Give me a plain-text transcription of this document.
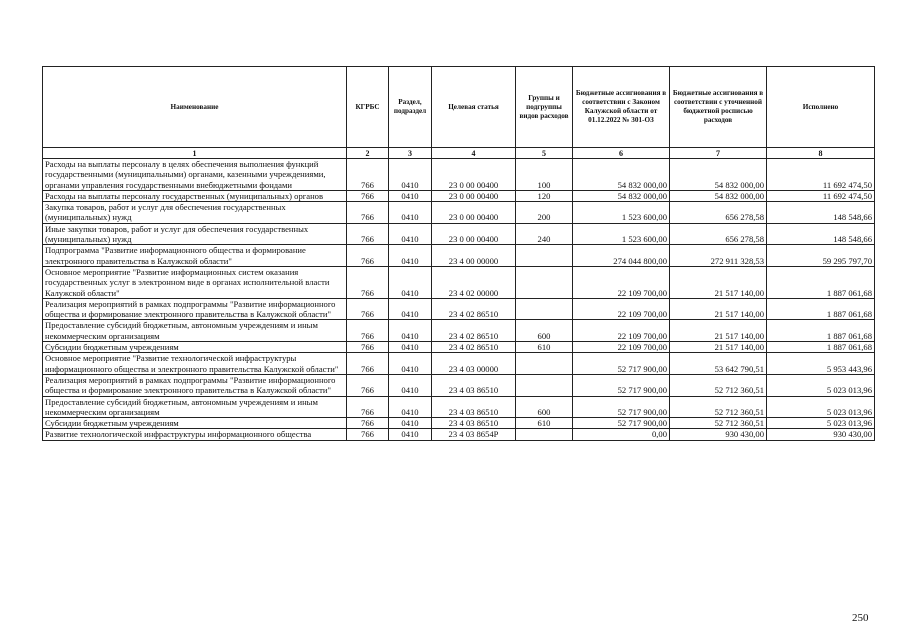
Наименование	КГРБС	Раздел, подраздел	Целевая статья	Группы и подгруппы видов расходов	Бюджетные ассигнования в соответствии с Законом Калужской области от 01.12.2022 № 301-ОЗ	Бюджетные ассигнования в соответствии с уточненной бюджетной росписью расходов	Исполнено
1	2	3	4	5	6	7	8
Расходы на выплаты персоналу в целях обеспечения выполнения функций государственными (муниципальными) органами, казенными учреждениями, органами управления государственными внебюджетными фондами	766	0410	23 0 00 00400	100	54 832 000,00	54 832 000,00	11 692 474,50
Расходы на выплаты персоналу государственных (муниципальных) органов	766	0410	23 0 00 00400	120	54 832 000,00	54 832 000,00	11 692 474,50
Закупка товаров, работ и услуг для обеспечения государственных (муниципальных) нужд	766	0410	23 0 00 00400	200	1 523 600,00	656 278,58	148 548,66
Иные закупки товаров, работ и услуг для обеспечения государственных (муниципальных) нужд	766	0410	23 0 00 00400	240	1 523 600,00	656 278,58	148 548,66
Подпрограмма "Развитие информационного общества и формирование электронного правительства в Калужской области"	766	0410	23 4 00 00000		274 044 800,00	272 911 328,53	59 295 797,70
Основное мероприятие "Развитие информационных систем оказания государственных услуг в электронном виде в органах исполнительной власти Калужской области"	766	0410	23 4 02 00000		22 109 700,00	21 517 140,00	1 887 061,68
Реализация мероприятий в рамках подпрограммы "Развитие информационного общества и формирование электронного правительства в Калужской области"	766	0410	23 4 02 86510		22 109 700,00	21 517 140,00	1 887 061,68
Предоставление субсидий бюджетным, автономным учреждениям и иным некоммерческим организациям	766	0410	23 4 02 86510	600	22 109 700,00	21 517 140,00	1 887 061,68
Субсидии бюджетным учреждениям	766	0410	23 4 02 86510	610	22 109 700,00	21 517 140,00	1 887 061,68
Основное мероприятие "Развитие технологической инфраструктуры информационного общества и электронного правительства Калужской области"	766	0410	23 4 03 00000		52 717 900,00	53 642 790,51	5 953 443,96
Реализация мероприятий в рамках подпрограммы "Развитие информационного общества и формирование электронного правительства в Калужской области"	766	0410	23 4 03 86510		52 717 900,00	52 712 360,51	5 023 013,96
Предоставление субсидий бюджетным, автономным учреждениям и иным некоммерческим организациям	766	0410	23 4 03 86510	600	52 717 900,00	52 712 360,51	5 023 013,96
Субсидии бюджетным учреждениям	766	0410	23 4 03 86510	610	52 717 900,00	52 712 360,51	5 023 013,96
Развитие технологической инфраструктуры информационного общества	766	0410	23 4 03 8654Р		0,00	930 430,00	930 430,00
250
